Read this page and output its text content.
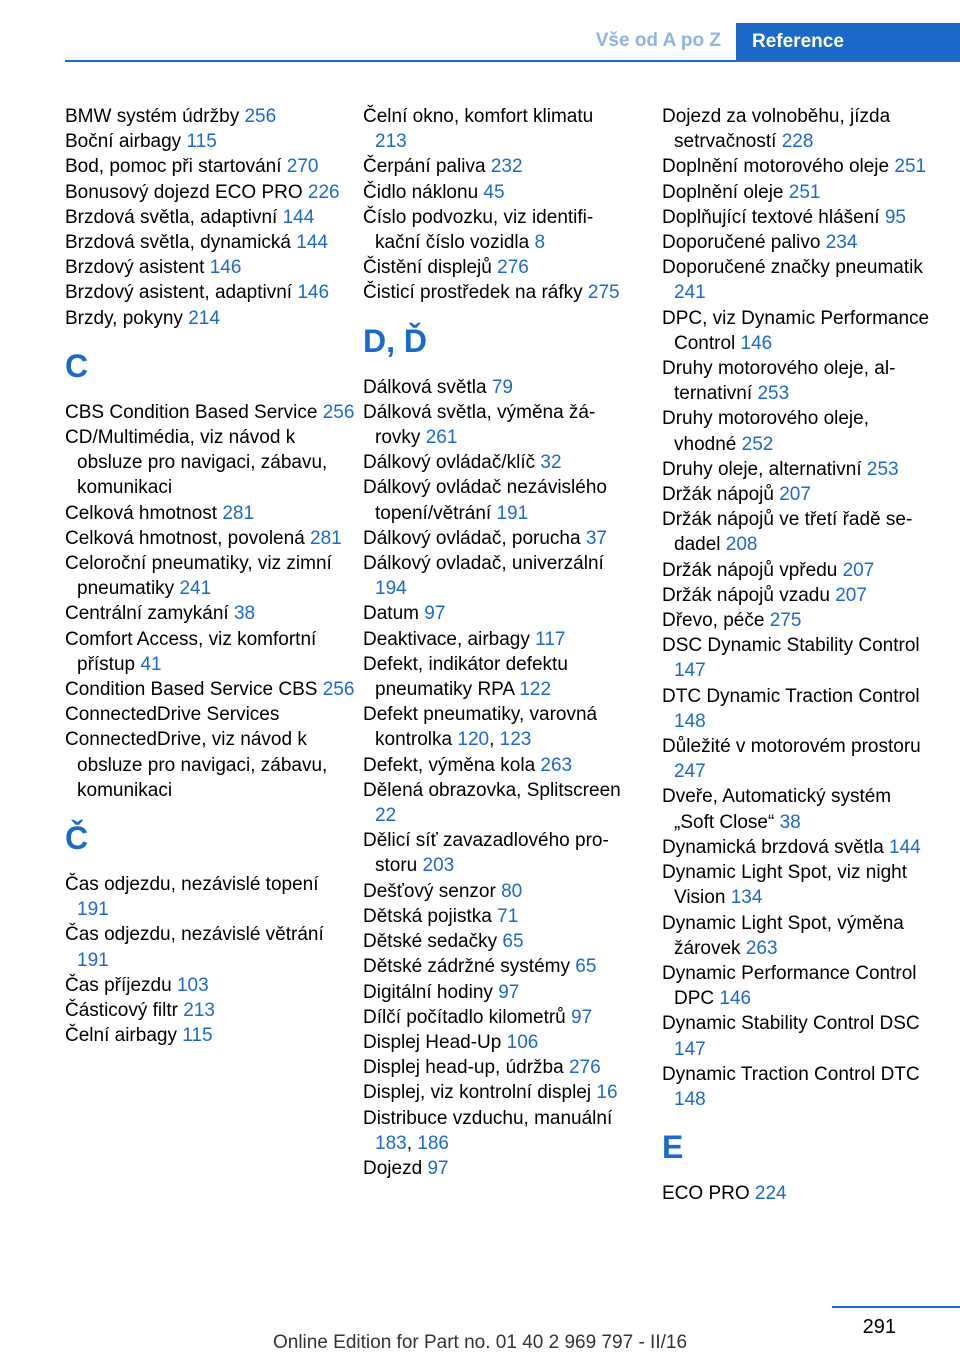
Vše od A po Z	Reference
BMW systém údržby 256
Boční airbagy 115
Bod, pomoc při startování 270
Bonusový dojezd ECO PRO 226
Brzdová světla, adaptivní 144
Brzdová světla, dynamická 144
Brzdový asistent 146
Brzdový asistent, adaptivní 146
Brzdy, pokyny 214
C
CBS Condition Based Service 256
CD/Multimédia, viz návod k obsluze pro navigaci, zábavu, komunikaci
Celková hmotnost 281
Celková hmotnost, povolená 281
Celoroční pneumatiky, viz zimní pneumatiky 241
Centrální zamykání 38
Comfort Access, viz komfortní přístup 41
Condition Based Service CBS 256
ConnectedDrive Services
ConnectedDrive, viz návod k obsluze pro navigaci, zábavu, komunikaci
Č
Čas odjezdu, nezávislé topení 191
Čas odjezdu, nezávislé větrání 191
Čas příjezdu 103
Částicový filtr 213
Čelní airbagy 115
Čelní okno, komfort klimatu 213
Čerpání paliva 232
Čidlo náklonu 45
Číslo podvozku, viz identifikační číslo vozidla 8
Čistění displejů 276
Čisticí prostředek na ráfky 275
D, Ď
Dálková světla 79
Dálková světla, výměna žárovky 261
Dálkový ovládač/klíč 32
Dálkový ovládač nezávislého topení/větrání 191
Dálkový ovládač, porucha 37
Dálkový ovladač, univerzální 194
Datum 97
Deaktivace, airbagy 117
Defekt, indikátor defektu pneumatiky RPA 122
Defekt pneumatiky, varovná kontrolka 120, 123
Defekt, výměna kola 263
Dělená obrazovka, Splitscreen 22
Dělicí síť zavazadlového prostoru 203
Dešťový senzor 80
Dětská pojistka 71
Dětské sedačky 65
Dětské zádržné systémy 65
Digitální hodiny 97
Dílčí počítadlo kilometrů 97
Displej Head-Up 106
Displej head-up, údržba 276
Displej, viz kontrolní displej 16
Distribuce vzduchu, manuální 183, 186
Dojezd 97
Dojezd za volnoběhu, jízda setrvačností 228
Doplnění motorového oleje 251
Doplnění oleje 251
Doplňující textové hlášení 95
Doporučené palivo 234
Doporučené značky pneumatik 241
DPC, viz Dynamic Performance Control 146
Druhy motorového oleje, alternativní 253
Druhy motorového oleje, vhodné 252
Druhy oleje, alternativní 253
Držák nápojů 207
Držák nápojů ve třetí řadě sedadel 208
Držák nápojů vpředu 207
Držák nápojů vzadu 207
Dřevo, péče 275
DSC Dynamic Stability Control 147
DTC Dynamic Traction Control 148
Důležité v motorovém prostoru 247
Dveře, Automatický systém „Soft Close“ 38
Dynamická brzdová světla 144
Dynamic Light Spot, viz night Vision 134
Dynamic Light Spot, výměna žárovek 263
Dynamic Performance Control DPC 146
Dynamic Stability Control DSC 147
Dynamic Traction Control DTC 148
E
ECO PRO 224
291
Online Edition for Part no. 01 40 2 969 797 - II/16
